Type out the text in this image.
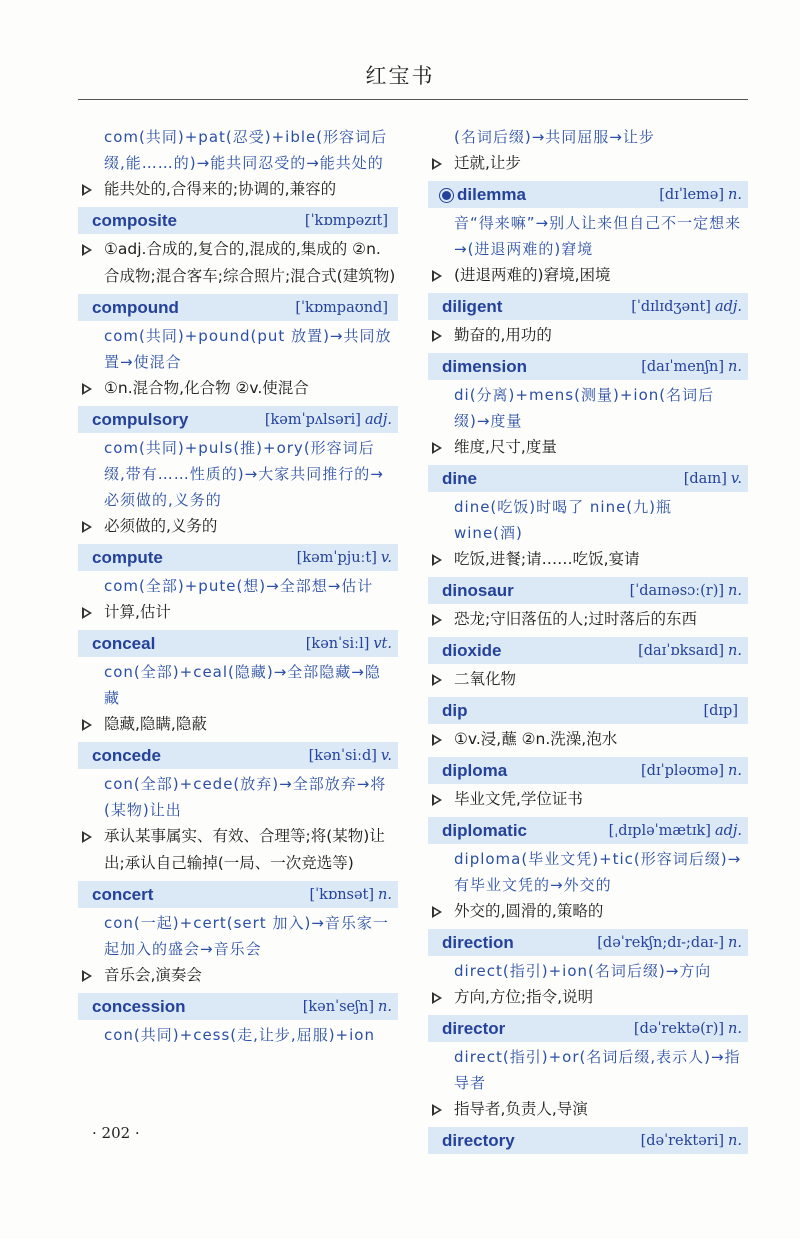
红宝书
com(共同)+pat(忍受)+ible(形容词后缀,能……的)→能共同忍受的→能共处的
能共处的,合得来的;协调的,兼容的
composite	[ˈkɒmpəzɪt]
①adj.合成的,复合的,混成的,集成的 ②n.合成物;混合客车;综合照片;混合式(建筑物)
compound	[ˈkɒmpaʊnd]
com(共同)+pound(put 放置)→共同放置→使混合
①n.混合物,化合物 ②v.使混合
compulsory	[kəmˈpʌlsəri] adj.
com(共同)+puls(推)+ory(形容词后缀,带有……性质的)→大家共同推行的→必须做的,义务的
必须做的,义务的
compute	[kəmˈpjuːt] v.
com(全部)+pute(想)→全部想→估计
计算,估计
conceal	[kənˈsiːl] vt.
con(全部)+ceal(隐藏)→全部隐藏→隐藏
隐藏,隐瞒,隐蔽
concede	[kənˈsiːd] v.
con(全部)+cede(放弃)→全部放弃→将(某物)让出
承认某事属实、有效、合理等;将(某物)让出;承认自己输掉(一局、一次竞选等)
concert	[ˈkɒnsət] n.
con(一起)+cert(sert 加入)→音乐家一起加入的盛会→音乐会
音乐会,演奏会
concession	[kənˈseʃn] n.
con(共同)+cess(走,让步,屈服)+ion
(名词后缀)→共同屈服→让步
迁就,让步
dilemma	[dɪˈlemə] n.
音“得来嘛”→别人让来但自己不一定想来→(进退两难的)窘境
(进退两难的)窘境,困境
diligent	[ˈdɪlɪdʒənt] adj.
勤奋的,用功的
dimension	[daɪˈmenʃn] n.
di(分离)+mens(测量)+ion(名词后缀)→度量
维度,尺寸,度量
dine	[daɪn] v.
dine(吃饭)时喝了 nine(九)瓶 wine(酒)
吃饭,进餐;请……吃饭,宴请
dinosaur	[ˈdaɪnəsɔː(r)] n.
恐龙;守旧落伍的人;过时落后的东西
dioxide	[daɪˈɒksaɪd] n.
二氧化物
dip	[dɪp]
①v.浸,蘸 ②n.洗澡,泡水
diploma	[dɪˈpləʊmə] n.
毕业文凭,学位证书
diplomatic	[ˌdɪpləˈmætɪk] adj.
diploma(毕业文凭)+tic(形容词后缀)→有毕业文凭的→外交的
外交的,圆滑的,策略的
direction	[dəˈrekʃn;dɪ-;daɪ-] n.
direct(指引)+ion(名词后缀)→方向
方向,方位;指令,说明
director	[dəˈrektə(r)] n.
direct(指引)+or(名词后缀,表示人)→指导者
指导者,负责人,导演
directory	[dəˈrektəri] n.
· 202 ·
